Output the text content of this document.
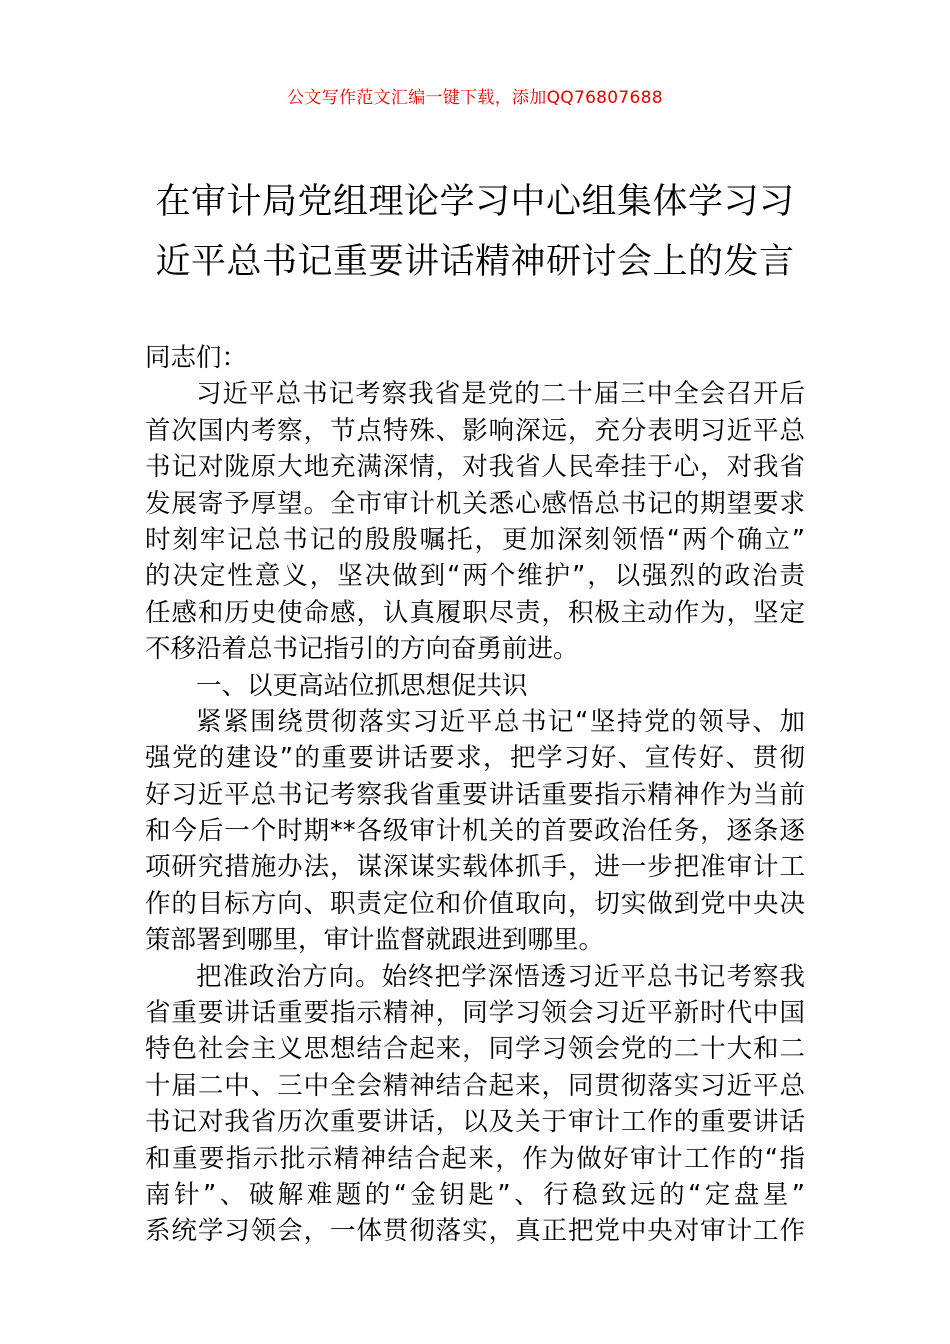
公文写作范文汇编一键下载，添加QQ76807688
在审计局党组理论学习中心组集体学习习
近平总书记重要讲话精神研讨会上的发言
同志们：
习近平总书记考察我省是党的二十届三中全会召开后
首次国内考察，节点特殊、影响深远，充分表明习近平总
书记对陇原大地充满深情，对我省人民牵挂于心，对我省
发展寄予厚望。全市审计机关悉心感悟总书记的期望要求
时刻牢记总书记的殷殷嘱托，更加深刻领悟“两个确立”
的决定性意义，坚决做到“两个维护”，以强烈的政治责
任感和历史使命感，认真履职尽责，积极主动作为，坚定
不移沿着总书记指引的方向奋勇前进。
一、以更高站位抓思想促共识
紧紧围绕贯彻落实习近平总书记“坚持党的领导、加
强党的建设”的重要讲话要求，把学习好、宣传好、贯彻
好习近平总书记考察我省重要讲话重要指示精神作为当前
和今后一个时期**各级审计机关的首要政治任务，逐条逐
项研究措施办法，谋深谋实载体抓手，进一步把准审计工
作的目标方向、职责定位和价值取向，切实做到党中央决
策部署到哪里，审计监督就跟进到哪里。
把准政治方向。始终把学深悟透习近平总书记考察我
省重要讲话重要指示精神，同学习领会习近平新时代中国
特色社会主义思想结合起来，同学习领会党的二十大和二
十届二中、三中全会精神结合起来，同贯彻落实习近平总
书记对我省历次重要讲话，以及关于审计工作的重要讲话
和重要指示批示精神结合起来，作为做好审计工作的“指
南针”、破解难题的“金钥匙”、行稳致远的“定盘星”
系统学习领会，一体贯彻落实，真正把党中央对审计工作
